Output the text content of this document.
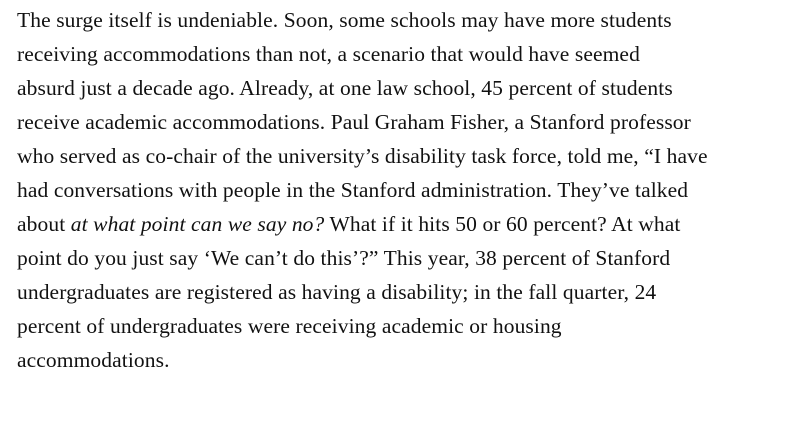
The surge itself is undeniable. Soon, some schools may have more students
receiving accommodations than not, a scenario that would have seemed
absurd just a decade ago. Already, at one law school, 45 percent of students
receive academic accommodations. Paul Graham Fisher, a Stanford professor
who served as co-chair of the university’s disability task force, told me, “I have
had conversations with people in the Stanford administration. They’ve talked
about at what point can we say no? What if it hits 50 or 60 percent? At what
point do you just say ‘We can’t do this’?” This year, 38 percent of Stanford
undergraduates are registered as having a disability; in the fall quarter, 24
percent of undergraduates were receiving academic or housing
accommodations.
